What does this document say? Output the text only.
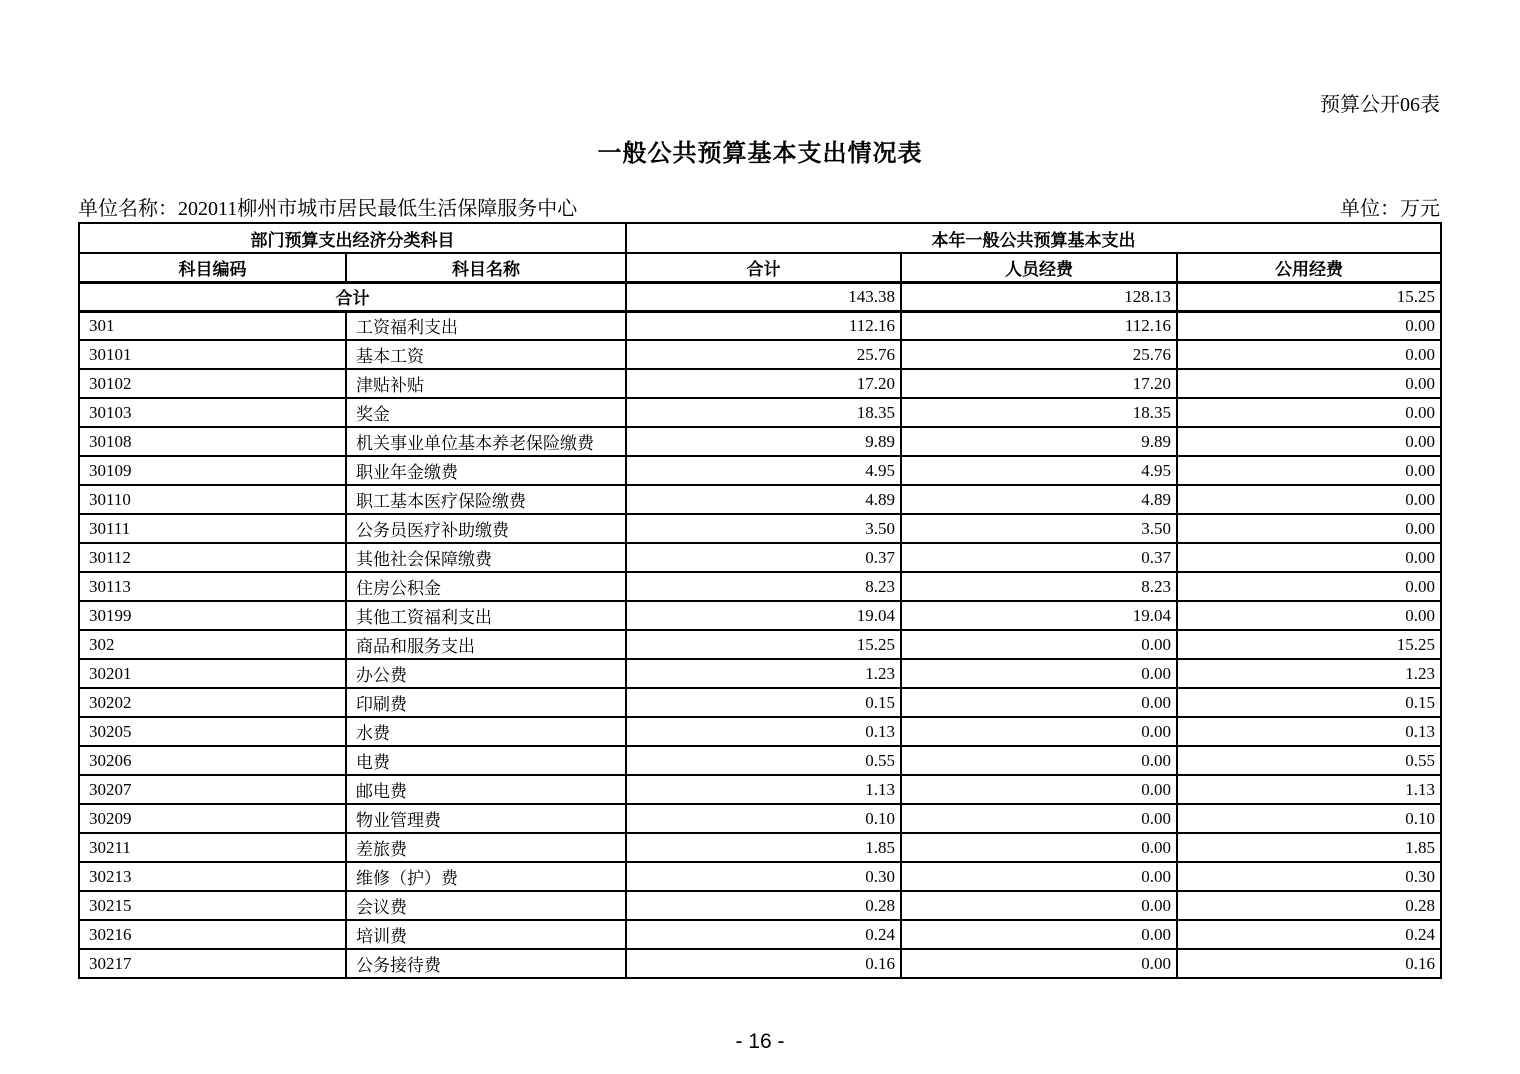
预算公开06表
一般公共预算基本支出情况表
单位名称：202011柳州市城市居民最低生活保障服务中心	单位：万元
部门预算支出经济分类科目		本年一般公共预算基本支出		
科目编码	科目名称	合计	人员经费	公用经费
合计		143.38	128.13	15.25
301	工资福利支出	112.16	112.16	0.00
30101	基本工资	25.76	25.76	0.00
30102	津贴补贴	17.20	17.20	0.00
30103	奖金	18.35	18.35	0.00
30108	机关事业单位基本养老保险缴费	9.89	9.89	0.00
30109	职业年金缴费	4.95	4.95	0.00
30110	职工基本医疗保险缴费	4.89	4.89	0.00
30111	公务员医疗补助缴费	3.50	3.50	0.00
30112	其他社会保障缴费	0.37	0.37	0.00
30113	住房公积金	8.23	8.23	0.00
30199	其他工资福利支出	19.04	19.04	0.00
302	商品和服务支出	15.25	0.00	15.25
30201	办公费	1.23	0.00	1.23
30202	印刷费	0.15	0.00	0.15
30205	水费	0.13	0.00	0.13
30206	电费	0.55	0.00	0.55
30207	邮电费	1.13	0.00	1.13
30209	物业管理费	0.10	0.00	0.10
30211	差旅费	1.85	0.00	1.85
30213	维修（护）费	0.30	0.00	0.30
30215	会议费	0.28	0.00	0.28
30216	培训费	0.24	0.00	0.24
30217	公务接待费	0.16	0.00	0.16
- 16 -
